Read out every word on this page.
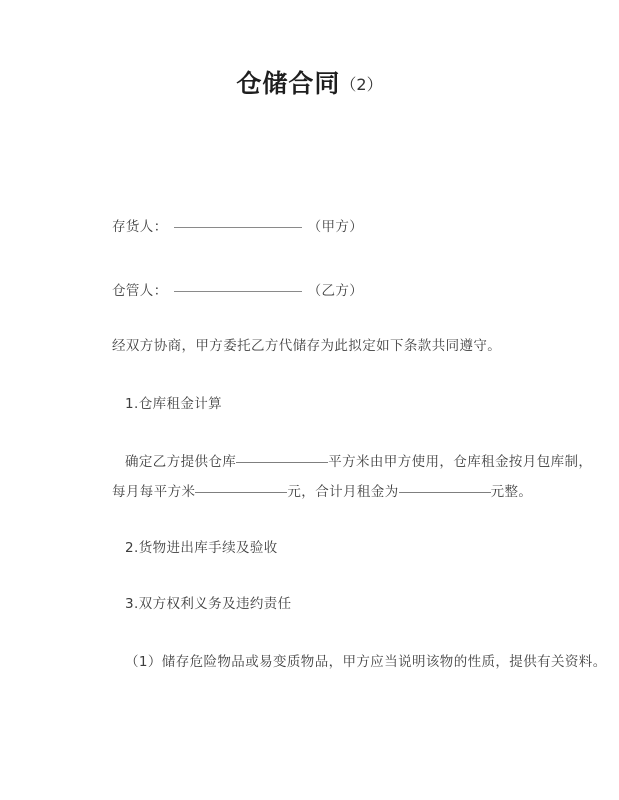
仓储合同（2）
存货人：	（甲方）
仓管人：	（乙方）
经双方协商，甲方委托乙方代储存为此拟定如下条款共同遵守。
1.仓库租金计算
确定乙方提供仓库	平方米由甲方使用，仓库租金按月包库制，
每月每平方米	元，合计月租金为	元整。
2.货物进出库手续及验收
3.双方权利义务及违约责任
（1）储存危险物品或易变质物品，甲方应当说明该物的性质，提供有关资料。
